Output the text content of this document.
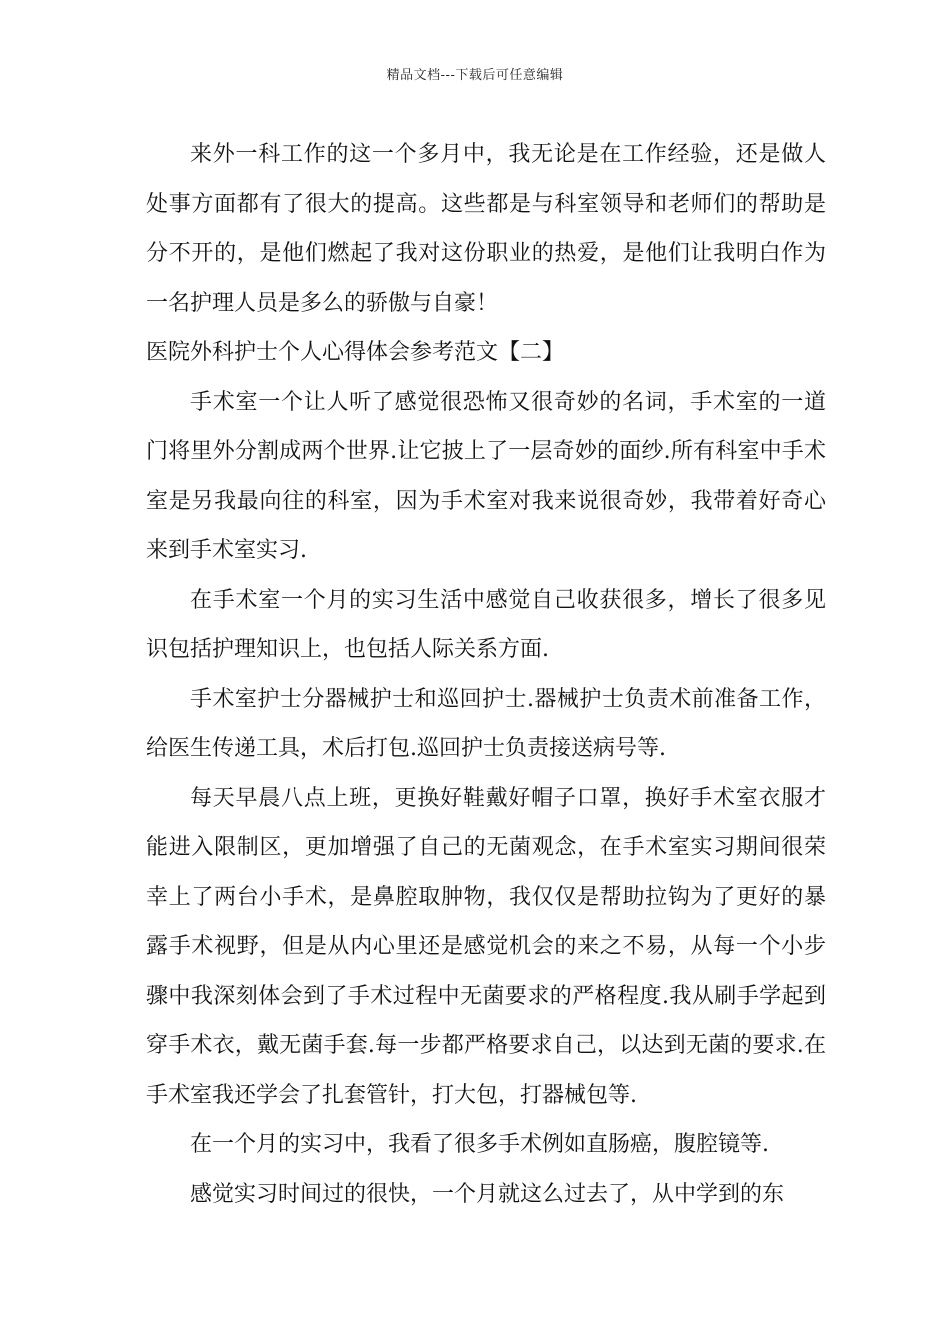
精品文档---下载后可任意编辑

来外一科工作的这一个多月中，我无论是在工作经验，还是做人处事方面都有了很大的提高。这些都是与科室领导和老师们的帮助是分不开的，是他们燃起了我对这份职业的热爱，是他们让我明白作为一名护理人员是多么的骄傲与自豪！

医院外科护士个人心得体会参考范文【二】

手术室一个让人听了感觉很恐怖又很奇妙的名词，手术室的一道门将里外分割成两个世界.让它披上了一层奇妙的面纱.所有科室中手术室是另我最向往的科室，因为手术室对我来说很奇妙，我带着好奇心来到手术室实习.

在手术室一个月的实习生活中感觉自己收获很多，增长了很多见识包括护理知识上，也包括人际关系方面.

手术室护士分器械护士和巡回护士.器械护士负责术前准备工作，给医生传递工具，术后打包.巡回护士负责接送病号等.

每天早晨八点上班，更换好鞋戴好帽子口罩，换好手术室衣服才能进入限制区，更加增强了自己的无菌观念，在手术室实习期间很荣幸上了两台小手术，是鼻腔取肿物，我仅仅是帮助拉钩为了更好的暴露手术视野，但是从内心里还是感觉机会的来之不易，从每一个小步骤中我深刻体会到了手术过程中无菌要求的严格程度.我从刷手学起到穿手术衣，戴无菌手套.每一步都严格要求自己，以达到无菌的要求.在手术室我还学会了扎套管针，打大包，打器械包等.

在一个月的实习中，我看了很多手术例如直肠癌，腹腔镜等.

感觉实习时间过的很快，一个月就这么过去了，从中学到的东
